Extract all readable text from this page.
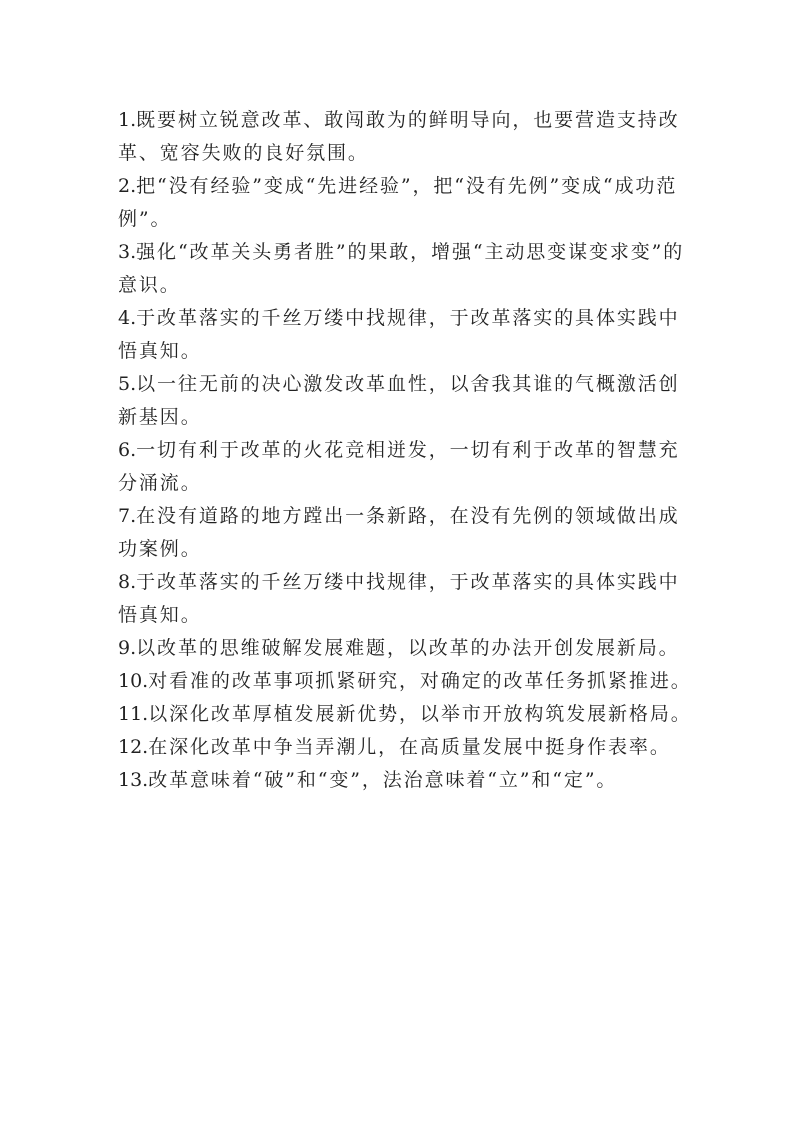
1.既要树立锐意改革、敢闯敢为的鲜明导向，也要营造支持改革、宽容失败的良好氛围。

2.把“没有经验”变成“先进经验”，把“没有先例”变成“成功范例”。

3.强化“改革关头勇者胜”的果敢，增强“主动思变谋变求变”的意识。

4.于改革落实的千丝万缕中找规律，于改革落实的具体实践中悟真知。

5.以一往无前的决心激发改革血性，以舍我其谁的气概激活创新基因。

6.一切有利于改革的火花竞相迸发，一切有利于改革的智慧充分涌流。

7.在没有道路的地方蹚出一条新路，在没有先例的领域做出成功案例。

8.于改革落实的千丝万缕中找规律，于改革落实的具体实践中悟真知。

9.以改革的思维破解发展难题，以改革的办法开创发展新局。

10.对看准的改革事项抓紧研究，对确定的改革任务抓紧推进。

11.以深化改革厚植发展新优势，以举市开放构筑发展新格局。

12.在深化改革中争当弄潮儿，在高质量发展中挺身作表率。

13.改革意味着“破”和“变”，法治意味着“立”和“定”。
